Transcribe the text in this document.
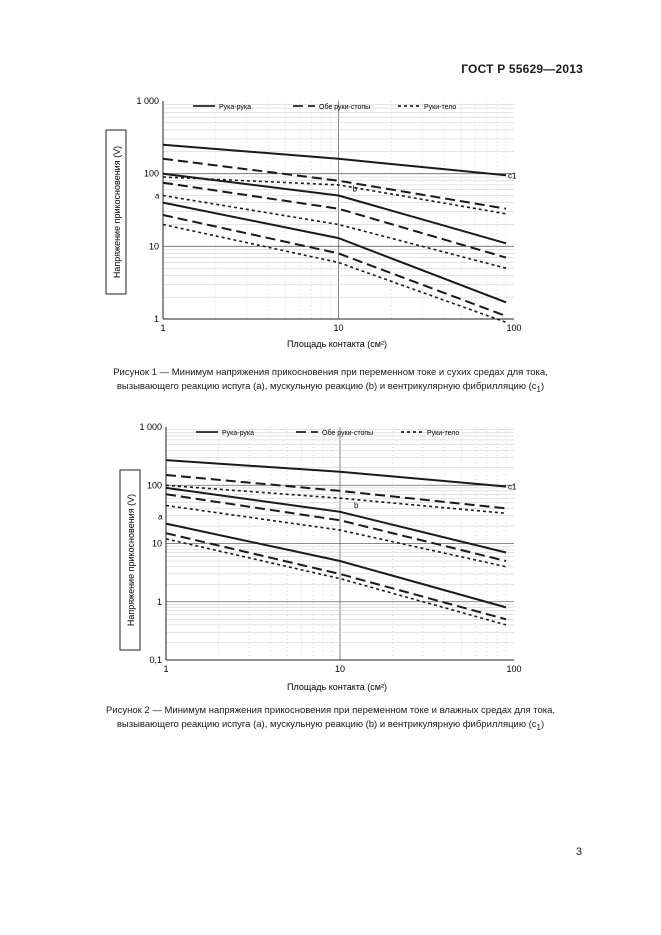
ГОСТ Р 55629—2013
Напряжение прикосновения (V)
1	10	100
1 000
100
10
1
Рука-рука	Обе руки-стопы	Руки-тело
c1
b
a
Площадь контакта (см²)
Рисунок 1 — Минимум напряжения прикосновения при переменном токе и сухих средах для тока,
вызывающего реакцию испуга (a), мускульную реакцию (b) и вентрикулярную фибрилляцию $(c_1)$
Напряжение прикосновения (V)
1	10	100
1 000
100
10
1
0,1
Рука-рука	Обе руки-стопы	Руки-тело
c1
b
a
Площадь контакта (см²)
Рисунок 2 — Минимум напряжения прикосновения при переменном токе и влажных средах для тока,
вызывающего реакцию испуга (a), мускульную реакцию (b) и вентрикулярную фибрилляцию $(c_1)$
3
